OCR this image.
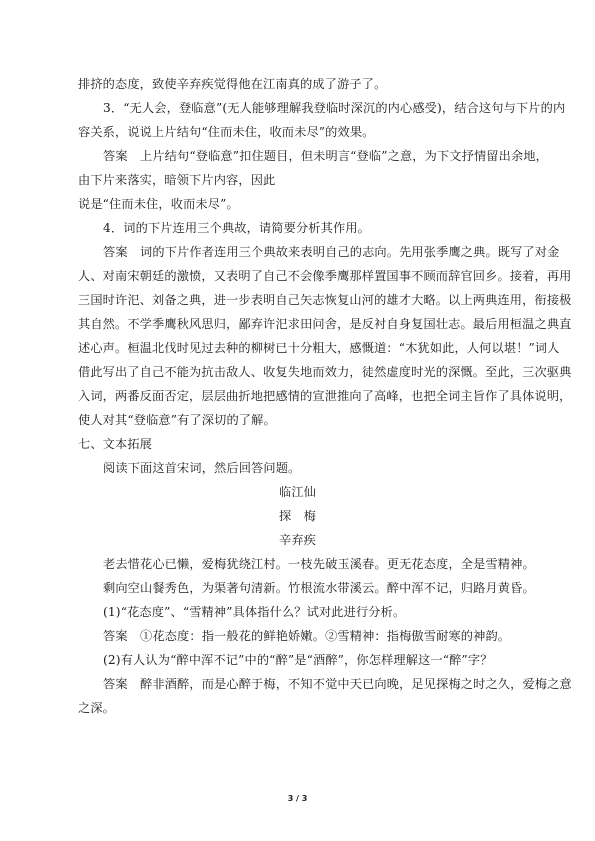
排挤的态度，致使辛弃疾觉得他在江南真的成了游子了。
3．“无人会，登临意”(无人能够理解我登临时深沉的内心感受)，结合这句与下片的内
容关系，说说上片结句“住而未住，收而未尽”的效果。
答案　上片结句“登临意”扣住题目，但未明言“登临”之意，为下文抒情留出余地，
由下片来落实，暗领下片内容，因此
说是“住而未住，收而未尽”。
4．词的下片连用三个典故，请简要分析其作用。
答案　词的下片作者连用三个典故来表明自己的志向。先用张季鹰之典。既写了对金
人、对南宋朝廷的激愤，又表明了自己不会像季鹰那样置国事不顾而辞官回乡。接着，再用
三国时许汜、刘备之典，进一步表明自己矢志恢复山河的雄才大略。以上两典连用，衔接极
其自然。不学季鹰秋风思归，鄙弃许汜求田问舍，是反衬自身复国壮志。最后用桓温之典直
述心声。桓温北伐时见过去种的柳树已十分粗大，感慨道：“木犹如此，人何以堪！”词人
借此写出了自己不能为抗击敌人、收复失地而效力，徒然虚度时光的深慨。至此，三次驱典
入词，两番反面否定，层层曲折地把感情的宣泄推向了高峰，也把全词主旨作了具体说明，
使人对其“登临意”有了深切的了解。
七、文本拓展
阅读下面这首宋词，然后回答问题。
临江仙
探　梅
辛弃疾
老去惜花心已懒，爱梅犹绕江村。一枝先破玉溪春。更无花态度，全是雪精神。
剩向空山餐秀色，为渠著句清新。竹根流水带溪云。醉中浑不记，归路月黄昏。
(1)“花态度”、“雪精神”具体指什么？试对此进行分析。
答案　①花态度：指一般花的鲜艳娇嫩。②雪精神：指梅傲雪耐寒的神韵。
(2)有人认为“醉中浑不记”中的“醉”是“酒醉”，你怎样理解这一“醉”字？
答案　醉非酒醉，而是心醉于梅，不知不觉中天已向晚，足见探梅之时之久，爱梅之意
之深。
3 / 3
